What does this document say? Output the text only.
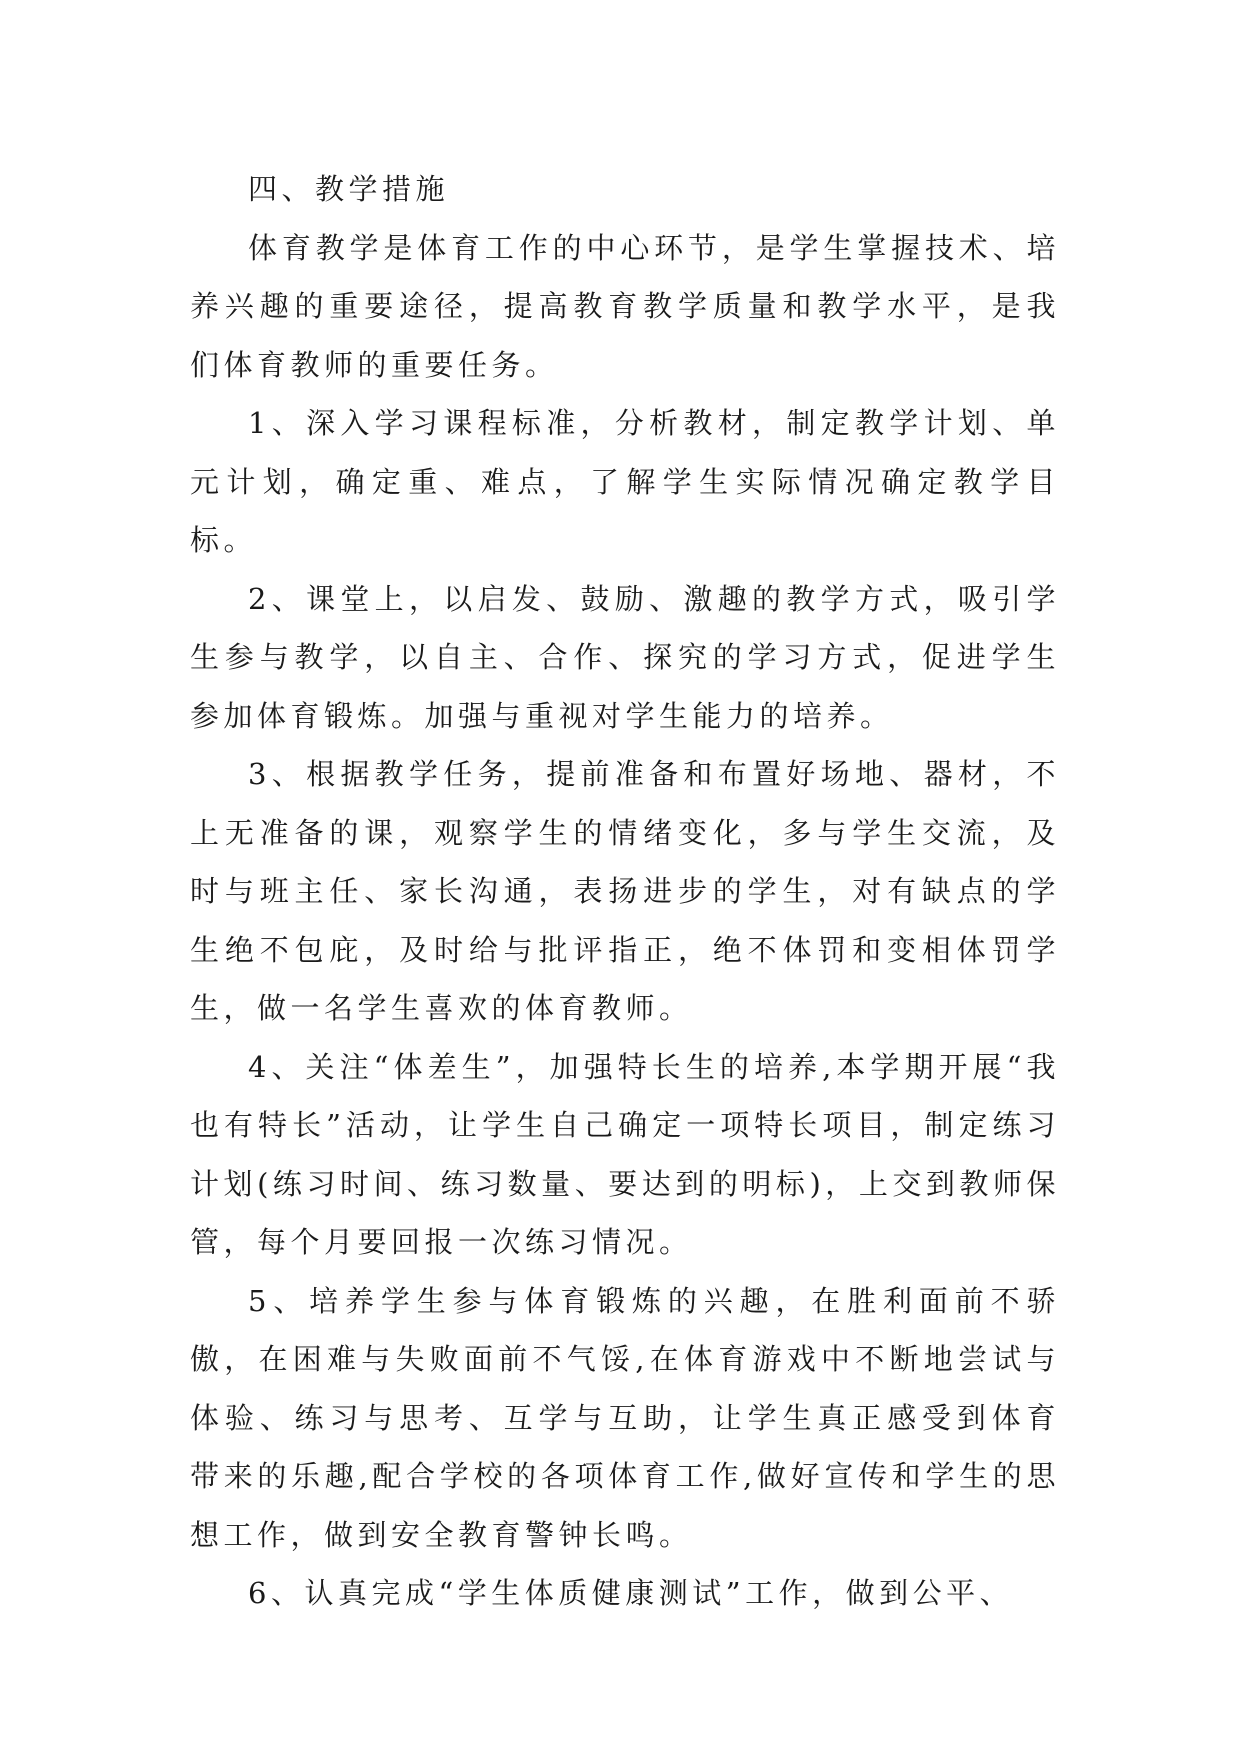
四、教学措施

体育教学是体育工作的中心环节，是学生掌握技术、培养兴趣的重要途径，提高教育教学质量和教学水平，是我们体育教师的重要任务。

1、深入学习课程标准，分析教材，制定教学计划、单元计划，确定重、难点，了解学生实际情况确定教学目标。

2、课堂上，以启发、鼓励、激趣的教学方式，吸引学生参与教学，以自主、合作、探究的学习方式，促进学生参加体育锻炼。加强与重视对学生能力的培养。

3、根据教学任务，提前准备和布置好场地、器材，不上无准备的课，观察学生的情绪变化，多与学生交流，及时与班主任、家长沟通，表扬进步的学生，对有缺点的学生绝不包庇，及时给与批评指正，绝不体罚和变相体罚学生，做一名学生喜欢的体育教师。

4、关注“体差生”，加强特长生的培养,本学期开展“我也有特长”活动，让学生自己确定一项特长项目，制定练习计划(练习时间、练习数量、要达到的明标)，上交到教师保管，每个月要回报一次练习情况。

5、培养学生参与体育锻炼的兴趣，在胜利面前不骄傲，在困难与失败面前不气馁,在体育游戏中不断地尝试与体验、练习与思考、互学与互助，让学生真正感受到体育带来的乐趣,配合学校的各项体育工作,做好宣传和学生的思想工作，做到安全教育警钟长鸣。

6、认真完成“学生体质健康测试”工作，做到公平、
